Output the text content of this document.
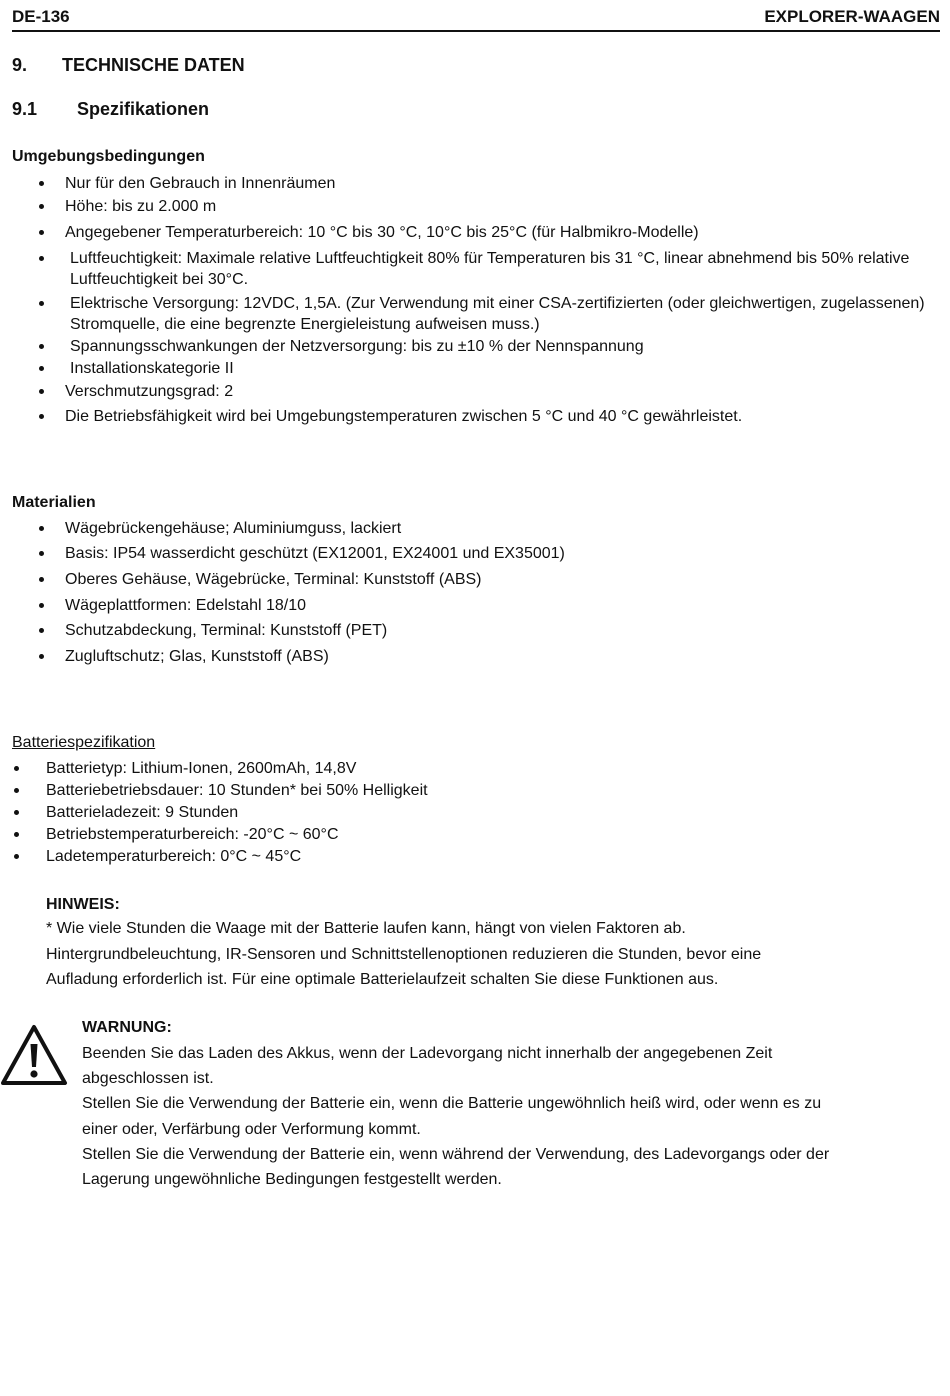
DE-136	EXPLORER-WAAGEN
9. TECHNISCHE DATEN
9.1 Spezifikationen
Umgebungsbedingungen
Nur für den Gebrauch in Innenräumen
Höhe: bis zu 2.000 m
Angegebener Temperaturbereich: 10 °C bis 30 °C, 10°C bis 25°C (für Halbmikro-Modelle)
Luftfeuchtigkeit: Maximale relative Luftfeuchtigkeit 80% für Temperaturen bis 31 °C, linear abnehmend bis 50% relative Luftfeuchtigkeit bei 30°C.
Elektrische Versorgung: 12VDC, 1,5A. (Zur Verwendung mit einer CSA-zertifizierten (oder gleichwertigen, zugelassenen) Stromquelle, die eine begrenzte Energieleistung aufweisen muss.)
Spannungsschwankungen der Netzversorgung: bis zu ±10 % der Nennspannung
Installationskategorie II
Verschmutzungsgrad: 2
Die Betriebsfähigkeit wird bei Umgebungstemperaturen zwischen 5 °C und 40 °C gewährleistet.
Materialien
Wägebrückengehäuse; Aluminiumguss, lackiert
Basis: IP54 wasserdicht geschützt (EX12001, EX24001 und EX35001)
Oberes Gehäuse, Wägebrücke, Terminal: Kunststoff (ABS)
Wägeplattformen: Edelstahl 18/10
Schutzabdeckung, Terminal: Kunststoff (PET)
Zugluftschutz; Glas, Kunststoff (ABS)
Batteriespezifikation
Batterietyp: Lithium-Ionen, 2600mAh, 14,8V
Batteriebetriebsdauer: 10 Stunden* bei 50% Helligkeit
Batterieladezeit: 9 Stunden
Betriebstemperaturbereich: -20°C ~ 60°C
Ladetemperaturbereich: 0°C ~ 45°C
HINWEIS:

* Wie viele Stunden die Waage mit der Batterie laufen kann, hängt von vielen Faktoren ab.

Hintergrundbeleuchtung, IR-Sensoren und Schnittstellenoptionen reduzieren die Stunden, bevor eine

Aufladung erforderlich ist. Für eine optimale Batterielaufzeit schalten Sie diese Funktionen aus.

WARNUNG:

Beenden Sie das Laden des Akkus, wenn der Ladevorgang nicht innerhalb der angegebenen Zeit

abgeschlossen ist.

Stellen Sie die Verwendung der Batterie ein, wenn die Batterie ungewöhnlich heiß wird, oder wenn es zu

einer oder, Verfärbung oder Verformung kommt.

Stellen Sie die Verwendung der Batterie ein, wenn während der Verwendung, des Ladevorgangs oder der

Lagerung ungewöhnliche Bedingungen festgestellt werden.
